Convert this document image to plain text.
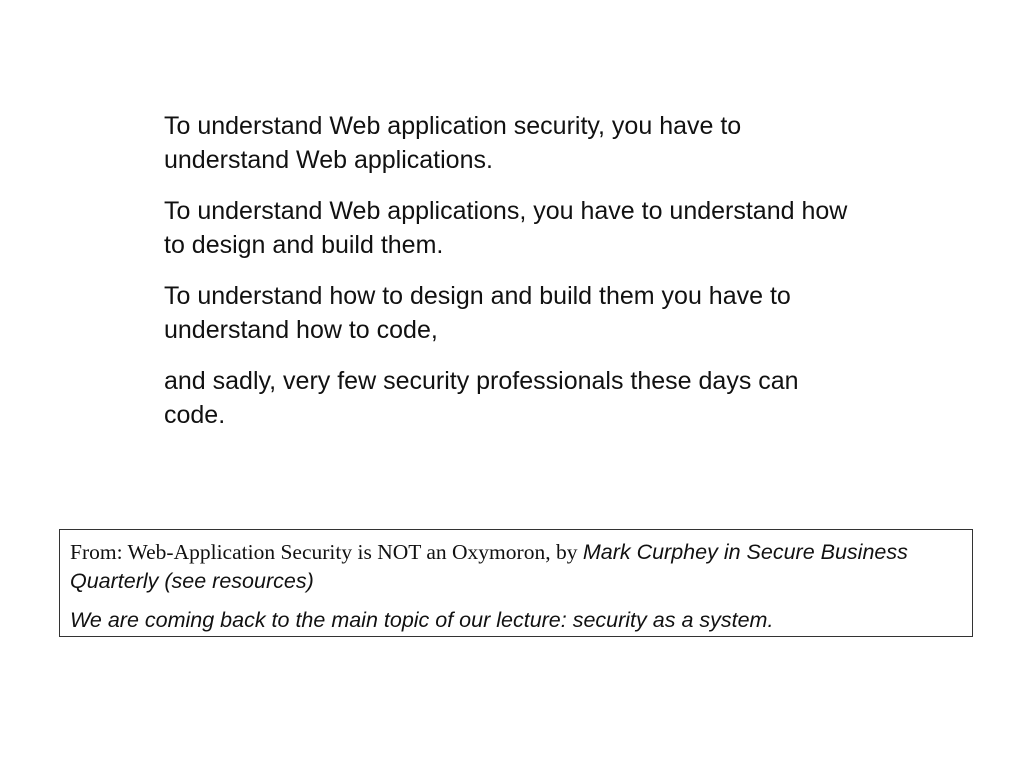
To understand Web application security, you have to understand Web applications.

To understand Web applications, you have to understand how to design and build them.

To understand how to design and build them you have to understand how to code,

and sadly, very few security professionals these days can code.

From: Web-Application Security is NOT an Oxymoron, by Mark Curphey in Secure Business Quarterly (see resources)

We are coming back to the main topic of our lecture: security as a system.
